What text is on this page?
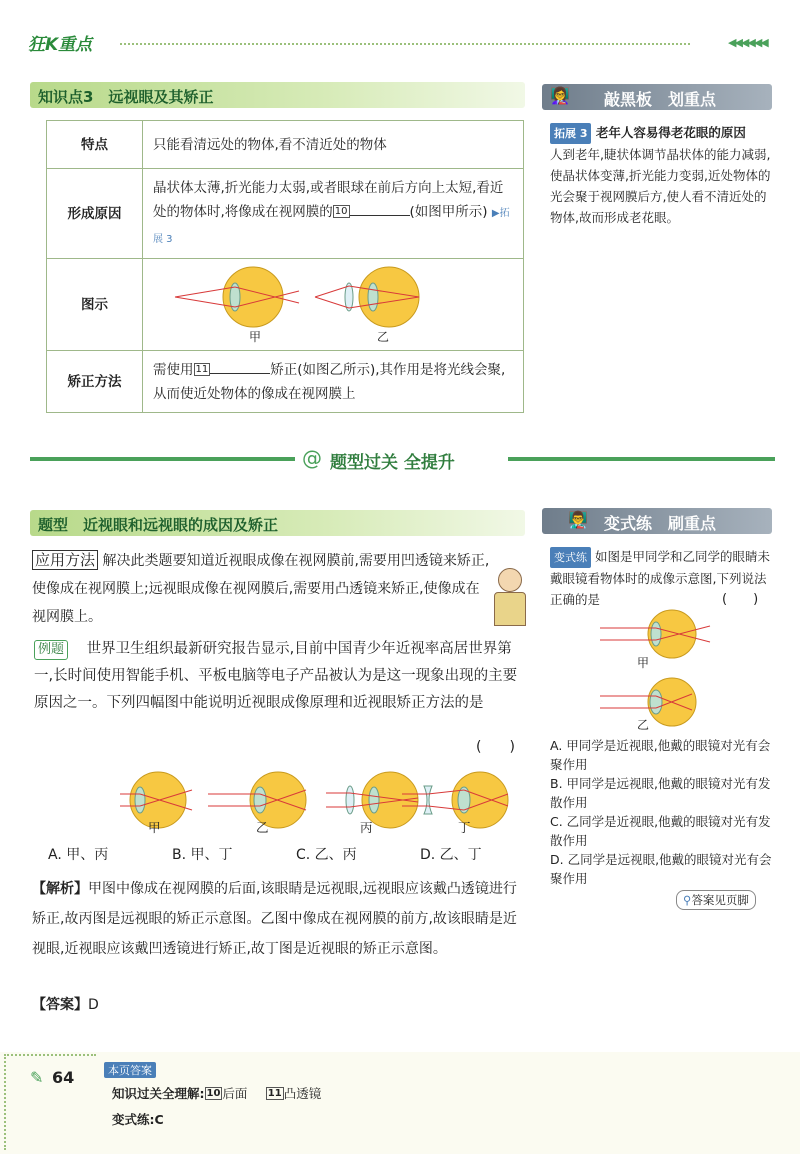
狂K重点	◀◀◀◀◀◀
知识点3　远视眼及其矫正
特点	只能看清远处的物体,看不清近处的物体
形成原因	晶状体太薄,折光能力太弱,或者眼球在前后方向上太短,看近处的物体时,将像成在视网膜的 10 (如图甲所示) ▶拓展 3
图示	甲 乙

矫正方法	需使用 11 矫正(如图乙所示),其作用是将光线会聚,从而使近处物体的像成在视网膜上
👩‍🏫 敲黑板　划重点
拓展 3 老年人容易得老花眼的原因
人到老年,睫状体调节晶状体的能力减弱,使晶状体变薄,折光能力变弱,近处物体的光会聚于视网膜后方,使人看不清近处的物体,故而形成老花眼。
@ 题型过关 全提升
题型　近视眼和远视眼的成因及矫正
应用方法 解决此类题要知道近视眼成像在视网膜前,需要用凹透镜来矫正,使像成在视网膜上;远视眼成像在视网膜后,需要用凸透镜来矫正,使像成在视网膜上。
例题 世界卫生组织最新研究报告显示,目前中国青少年近视率高居世界第一,长时间使用智能手机、平板电脑等电子产品被认为是这一现象出现的主要原因之一。下列四幅图中能说明近视眼成像原理和近视眼矫正方法的是
(　　)
甲	乙	丙	丁
A. 甲、丙	B. 甲、丁	C. 乙、丙	D. 乙、丁
【解析】甲图中像成在视网膜的后面,该眼睛是远视眼,远视眼应该戴凸透镜进行矫正,故丙图是远视眼的矫正示意图。乙图中像成在视网膜的前方,故该眼睛是近视眼,近视眼应该戴凹透镜进行矫正,故丁图是近视眼的矫正示意图。
【答案】D
👨‍🏫 变式练　刷重点
变式练 如图是甲同学和乙同学的眼睛未戴眼镜看物体时的成像示意图,下列说法正确的是	(　　)
甲
乙
A. 甲同学是近视眼,他戴的眼镜对光有会聚作用
B. 甲同学是远视眼,他戴的眼镜对光有发散作用
C. 乙同学是近视眼,他戴的眼镜对光有发散作用
D. 乙同学是远视眼,他戴的眼镜对光有会聚作用
⚲答案见页脚
✎ 64	本页答案
知识过关全理解: 10 后面 11 凸透镜
变式练:C
